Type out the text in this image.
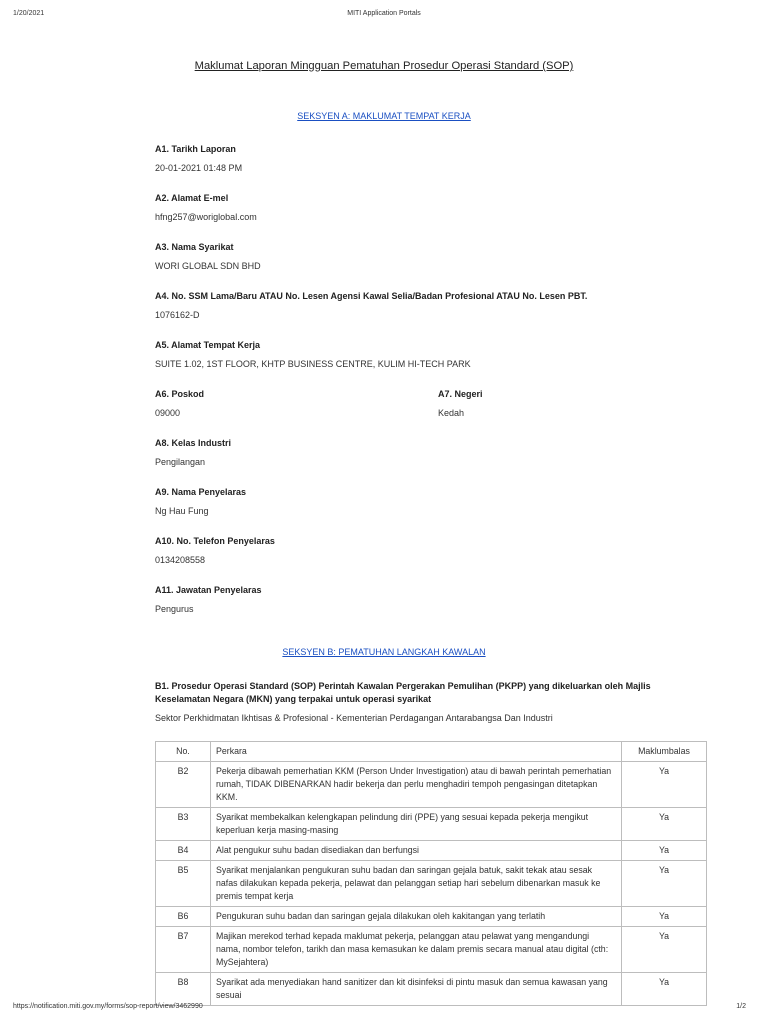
1/20/2021	MITI Application Portals
Maklumat Laporan Mingguan Pematuhan Prosedur Operasi Standard (SOP)
SEKSYEN A: MAKLUMAT TEMPAT KERJA
A1. Tarikh Laporan
20-01-2021 01:48 PM
A2. Alamat E-mel
hfng257@woriglobal.com
A3. Nama Syarikat
WORI GLOBAL SDN BHD
A4. No. SSM Lama/Baru ATAU No. Lesen Agensi Kawal Selia/Badan Profesional ATAU No. Lesen PBT.
1076162-D
A5. Alamat Tempat Kerja
SUITE 1.02, 1ST FLOOR, KHTP BUSINESS CENTRE, KULIM HI-TECH PARK
A6. Poskod
09000
A7. Negeri
Kedah
A8. Kelas Industri
Pengilangan
A9. Nama Penyelaras
Ng Hau Fung
A10. No. Telefon Penyelaras
0134208558
A11. Jawatan Penyelaras
Pengurus
SEKSYEN B: PEMATUHAN LANGKAH KAWALAN
B1. Prosedur Operasi Standard (SOP) Perintah Kawalan Pergerakan Pemulihan (PKPP) yang dikeluarkan oleh Majlis Keselamatan Negara (MKN) yang terpakai untuk operasi syarikat
Sektor Perkhidmatan Ikhtisas & Profesional - Kementerian Perdagangan Antarabangsa Dan Industri
No.	Perkara	Maklumbalas
B2	Pekerja dibawah pemerhatian KKM (Person Under Investigation) atau di bawah perintah pemerhatian rumah, TIDAK DIBENARKAN hadir bekerja dan perlu menghadiri tempoh pengasingan ditetapkan KKM.	Ya
B3	Syarikat membekalkan kelengkapan pelindung diri (PPE) yang sesuai kepada pekerja mengikut keperluan kerja masing-masing	Ya
B4	Alat pengukur suhu badan disediakan dan berfungsi	Ya
B5	Syarikat menjalankan pengukuran suhu badan dan saringan gejala batuk, sakit tekak atau sesak nafas dilakukan kepada pekerja, pelawat dan pelanggan setiap hari sebelum dibenarkan masuk ke premis tempat kerja	Ya
B6	Pengukuran suhu badan dan saringan gejala dilakukan oleh kakitangan yang terlatih	Ya
B7	Majikan merekod terhad kepada maklumat pekerja, pelanggan atau pelawat yang mengandungi nama, nombor telefon, tarikh dan masa kemasukan ke dalam premis secara manual atau digital (cth: MySejahtera)	Ya
B8	Syarikat ada menyediakan hand sanitizer dan kit disinfeksi di pintu masuk dan semua kawasan yang sesuai	Ya
https://notification.miti.gov.my/forms/sop-report/view/3462990	1/2
